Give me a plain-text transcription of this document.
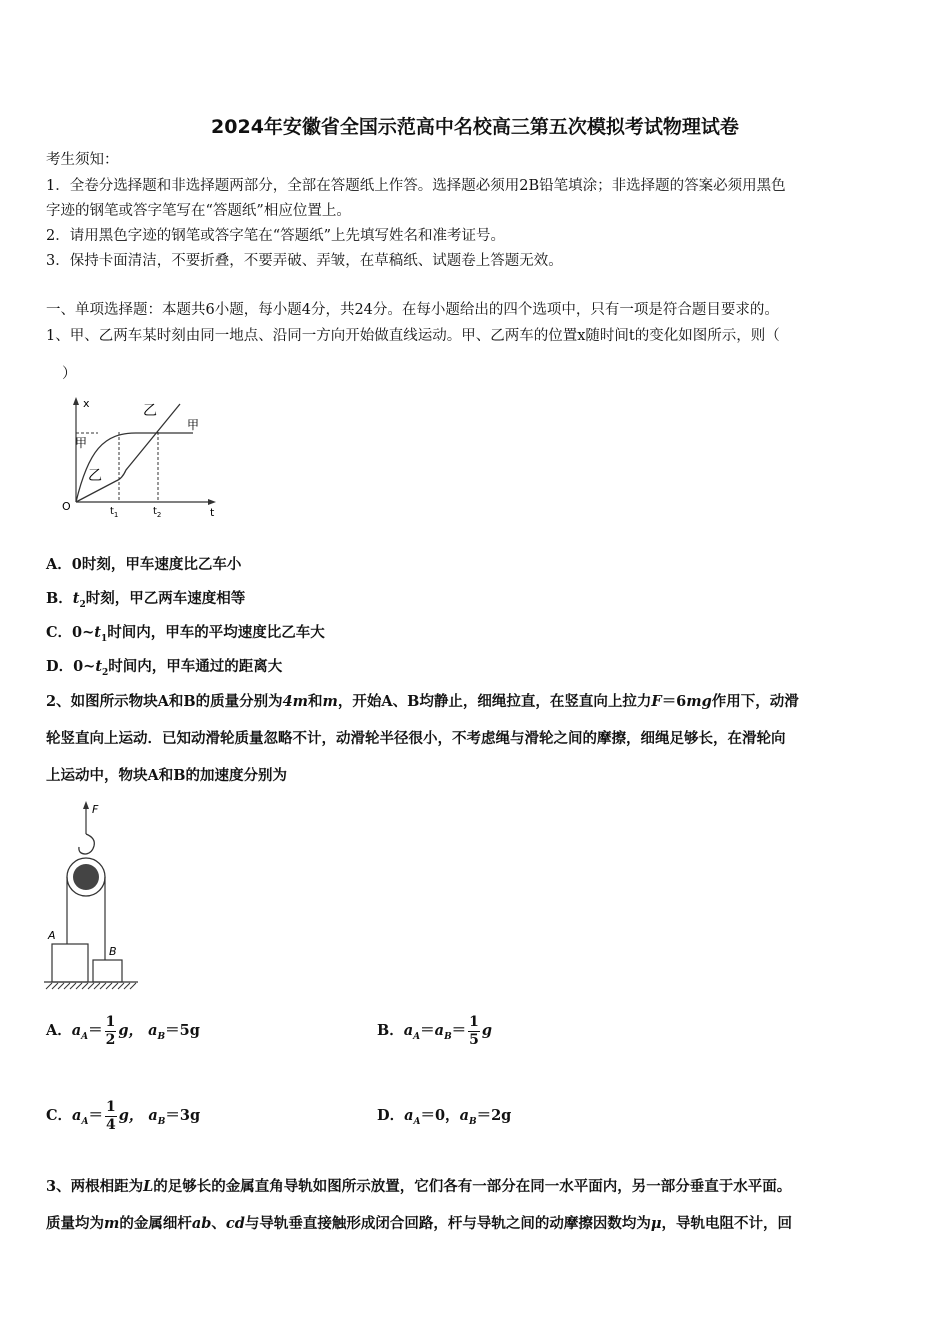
2024年安徽省全国示范高中名校高三第五次模拟考试物理试卷
考生须知：
1．全卷分选择题和非选择题两部分，全部在答题纸上作答。选择题必须用2B铅笔填涂；非选择题的答案必须用黑色
字迹的钢笔或答字笔写在“答题纸”相应位置上。
2．请用黑色字迹的钢笔或答字笔在“答题纸”上先填写姓名和准考证号。
3．保持卡面清洁，不要折叠，不要弄破、弄皱，在草稿纸、试题卷上答题无效。
一、单项选择题：本题共6小题，每小题4分，共24分。在每小题给出的四个选项中，只有一项是符合题目要求的。
1、甲、乙两车某时刻由同一地点、沿同一方向开始做直线运动。甲、乙两车的位置x随时间t的变化如图所示，则（
）
x
t
O	$t_1$	$t_2$
甲
甲
乙
乙
A．0时刻，甲车速度比乙车小
B．$t_2$时刻，甲乙两车速度相等
C．$0\sim t_1$时间内，甲车的平均速度比乙车大
D．$0\sim t_2$时间内，甲车通过的距离大
2、如图所示物块A和B的质量分别为4m和m，开始A、B均静止，细绳拉直，在竖直向上拉力F＝6mg作用下，动滑
轮竖直向上运动．已知动滑轮质量忽略不计，动滑轮半径很小，不考虑绳与滑轮之间的摩擦，细绳足够长，在滑轮向
上运动中，物块A和B的加速度分别为
F
A
B
A．$a_A= \frac{1}{2}$ g， $a_B=5g$	B．$a_A=a_B= \frac{1}{5}$ g
C．$a_A= \frac{1}{4}$ g， $a_B=3g$	D．$a_A=0$，$a_B=2g$
3、两根相距为L的足够长的金属直角导轨如图所示放置，它们各有一部分在同一水平面内，另一部分垂直于水平面。
质量均为m的金属细杆ab、cd与导轨垂直接触形成闭合回路，杆与导轨之间的动摩擦因数均为μ，导轨电阻不计，回
